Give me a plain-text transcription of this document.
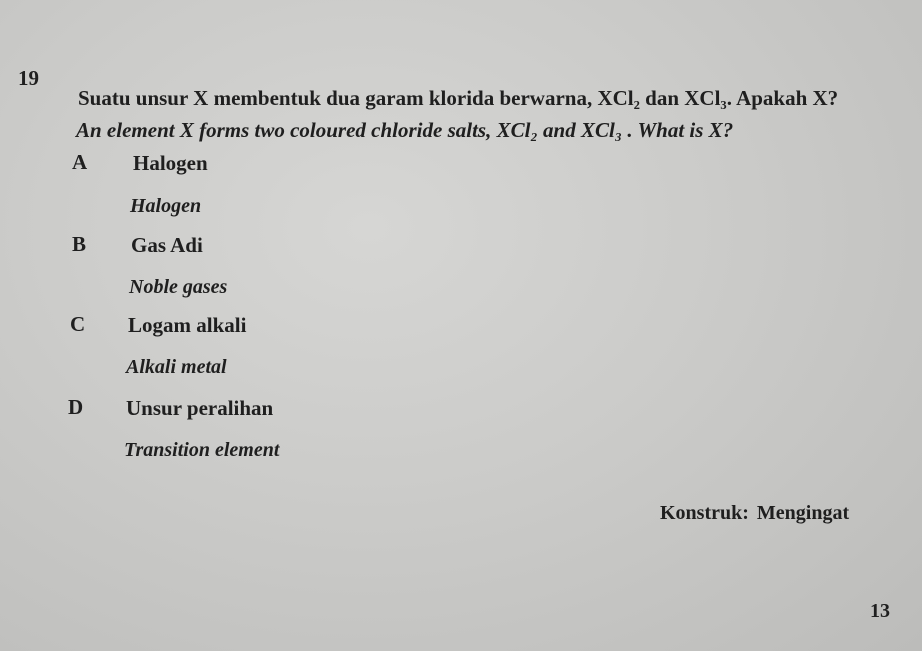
19
Suatu unsur X membentuk dua garam klorida berwarna, XCl₂ dan XCl₃. Apakah X?
An element X forms two coloured chloride salts, XCl₂ and XCl₃ . What is X?
A Halogen
Halogen
B Gas Adi
Noble gases
C Logam alkali
Alkali metal
D Unsur peralihan
Transition element
Konstruk: Mengingat
13
